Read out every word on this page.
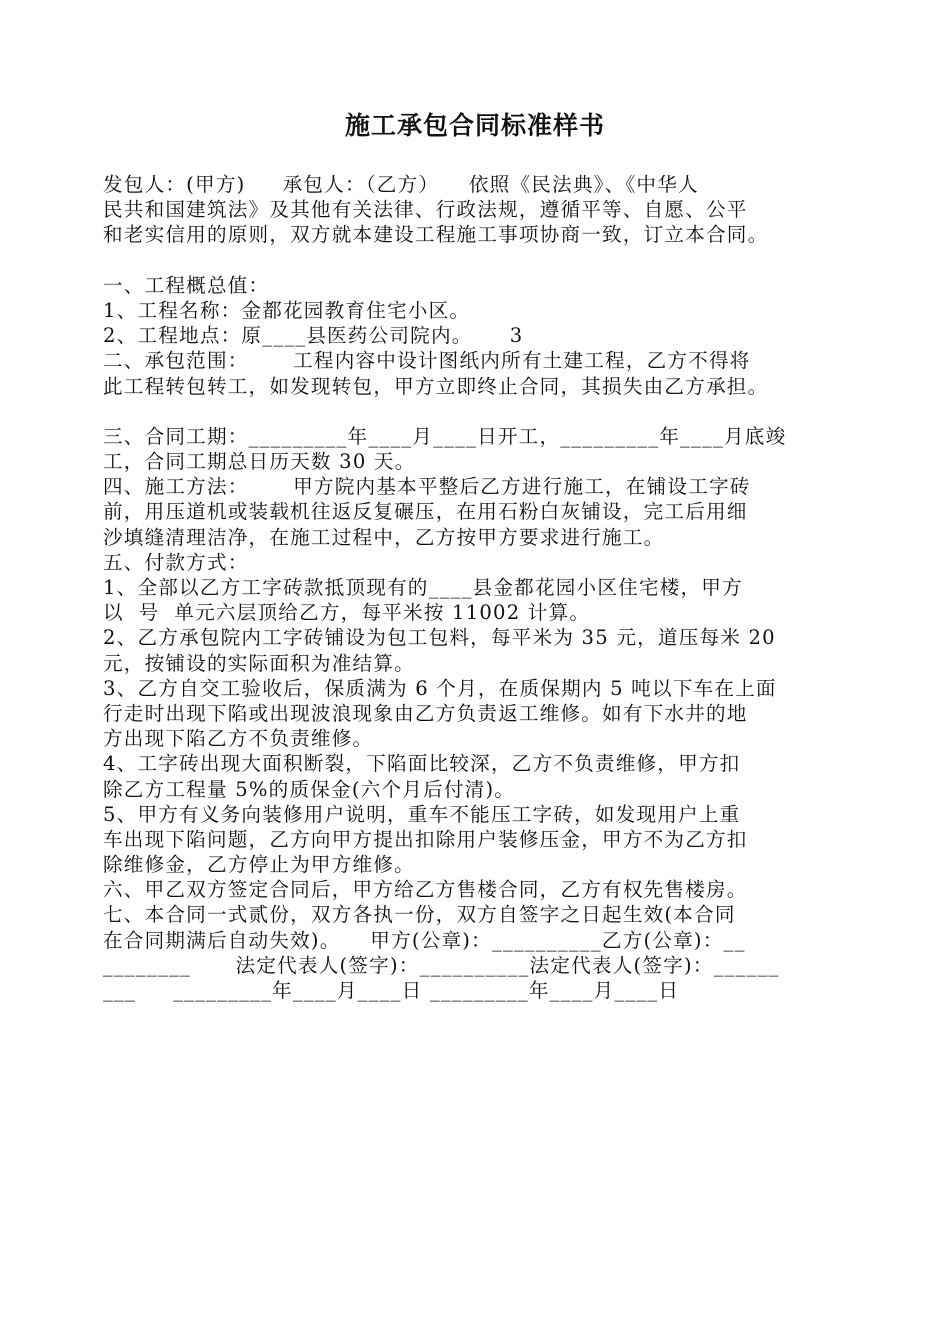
施工承包合同标准样书
发包人：(甲方)     承包人：（乙方）    依照《民法典》、《中华人
民共和国建筑法》及其他有关法律、行政法规，遵循平等、自愿、公平
和老实信用的原则，双方就本建设工程施工事项协商一致，订立本合同。
一、工程概总值：
1、工程名称：金都花园教育住宅小区。
2、工程地点：原____县医药公司院内。     3
二、承包范围：      工程内容中设计图纸内所有土建工程，乙方不得将
此工程转包转工，如发现转包，甲方立即终止合同，其损失由乙方承担。
三、合同工期：_________年____月____日开工，_________年____月底竣
工，合同工期总日历天数 30 天。
四、施工方法：      甲方院内基本平整后乙方进行施工，在铺设工字砖
前，用压道机或装载机往返反复碾压，在用石粉白灰铺设，完工后用细
沙填缝清理洁净，在施工过程中，乙方按甲方要求进行施工。
五、付款方式：
1、全部以乙方工字砖款抵顶现有的____县金都花园小区住宅楼，甲方
以  号  单元六层顶给乙方，每平米按 11002 计算。
2、乙方承包院内工字砖铺设为包工包料，每平米为 35 元，道压每米 20
元，按铺设的实际面积为准结算。
3、乙方自交工验收后，保质满为 6 个月，在质保期内 5 吨以下车在上面
行走时出现下陷或出现波浪现象由乙方负责返工维修。如有下水井的地
方出现下陷乙方不负责维修。
4、工字砖出现大面积断裂，下陷面比较深，乙方不负责维修，甲方扣
除乙方工程量 5%的质保金(六个月后付清)。
5、甲方有义务向装修用户说明，重车不能压工字砖，如发现用户上重
车出现下陷问题，乙方向甲方提出扣除用户装修压金，甲方不为乙方扣
除维修金，乙方停止为甲方维修。
六、甲乙双方签定合同后，甲方给乙方售楼合同，乙方有权先售楼房。
七、本合同一式贰份，双方各执一份，双方自签字之日起生效(本合同
在合同期满后自动失效)。    甲方(公章)：__________乙方(公章)：__
________      法定代表人(签字)：__________法定代表人(签字)：______
___     _________年____月____日 _________年____月____日
